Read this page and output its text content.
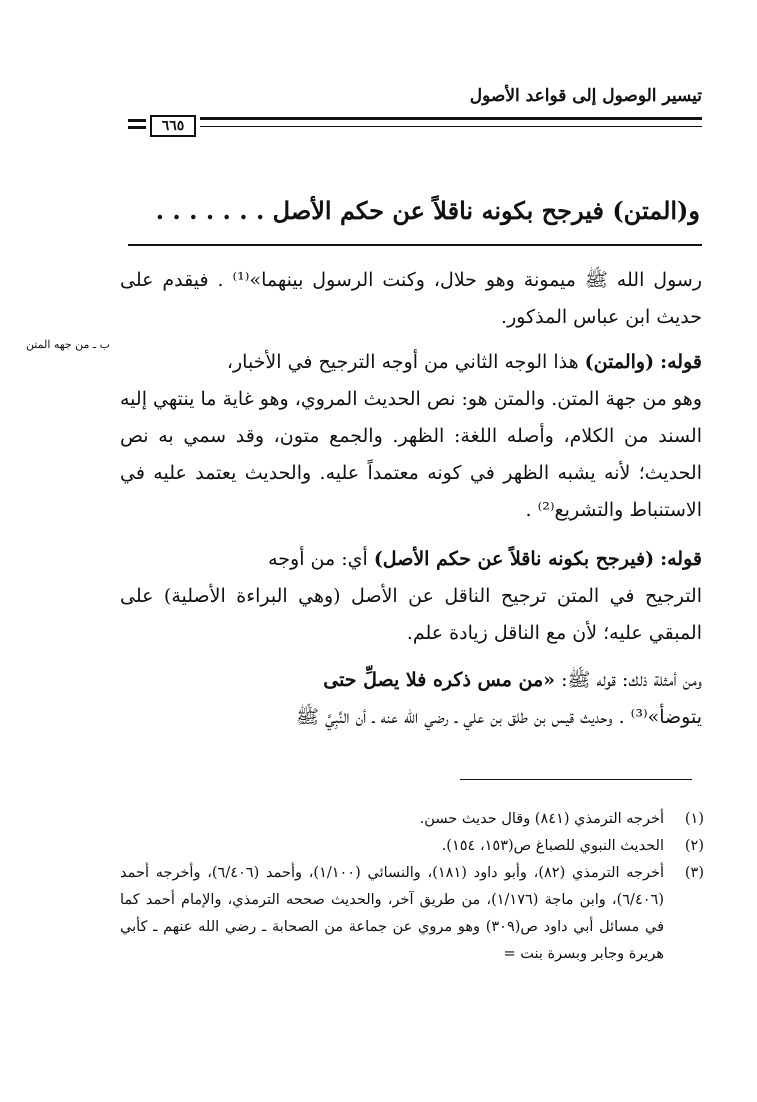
تيسير الوصول إلى قواعد الأصول
٦٦٥
و(المتن) فيرجح بكونه ناقلاً عن حكم الأصل . . . . . . .
ب ـ من جهه المتن
رسول الله ﷺ ميمونة وهو حلال، وكنت الرسول بينهما»⁽¹⁾ . فيقدم على حديث ابن عباس المذكور.
قوله: (والمتن) هذا الوجه الثاني من أوجه الترجيح في الأخبار،
وهو من جهة المتن. والمتن هو: نص الحديث المروي، وهو غاية ما ينتهي إليه السند من الكلام، وأصله اللغة: الظهر. والجمع متون، وقد سمي به نص الحديث؛ لأنه يشبه الظهر في كونه معتمداً عليه. والحديث يعتمد عليه في الاستنباط والتشريع⁽²⁾ .
قوله: (فيرجح بكونه ناقلاً عن حكم الأصل) أي: من أوجه
الترجيح في المتن ترجيح الناقل عن الأصل (وهي البراءة الأصلية) على المبقي عليه؛ لأن مع الناقل زيادة علم.
ومن أمثلة ذلك: قوله ﷺ: «من مس ذكره فلا يصلِّ حتى
يتوضأ»⁽³⁾ . وحديث قيس بن طلق بن علي ـ رضي الله عنه ـ أن النَّبِيَّ ﷺ
(١)
أخرجه الترمذي (٨٤١) وقال حديث حسن.
(٢)
الحديث النبوي للصباغ ص(١٥٣، ١٥٤).
(٣)
أخرجه الترمذي (٨٢)، وأبو داود (١٨١)، والنسائي (١/١٠٠)، وأحمد (٦/٤٠٦)، وأخرجه أحمد (٦/٤٠٦)، وابن ماجة (١/١٧٦)، من طريق آخر، والحديث صححه الترمذي، والإمام أحمد كما في مسائل أبي داود ص(٣٠٩) وهو مروي عن جماعة من الصحابة ـ رضي الله عنهم ـ كأبي هريرة وجابر وبسرة بنت =
